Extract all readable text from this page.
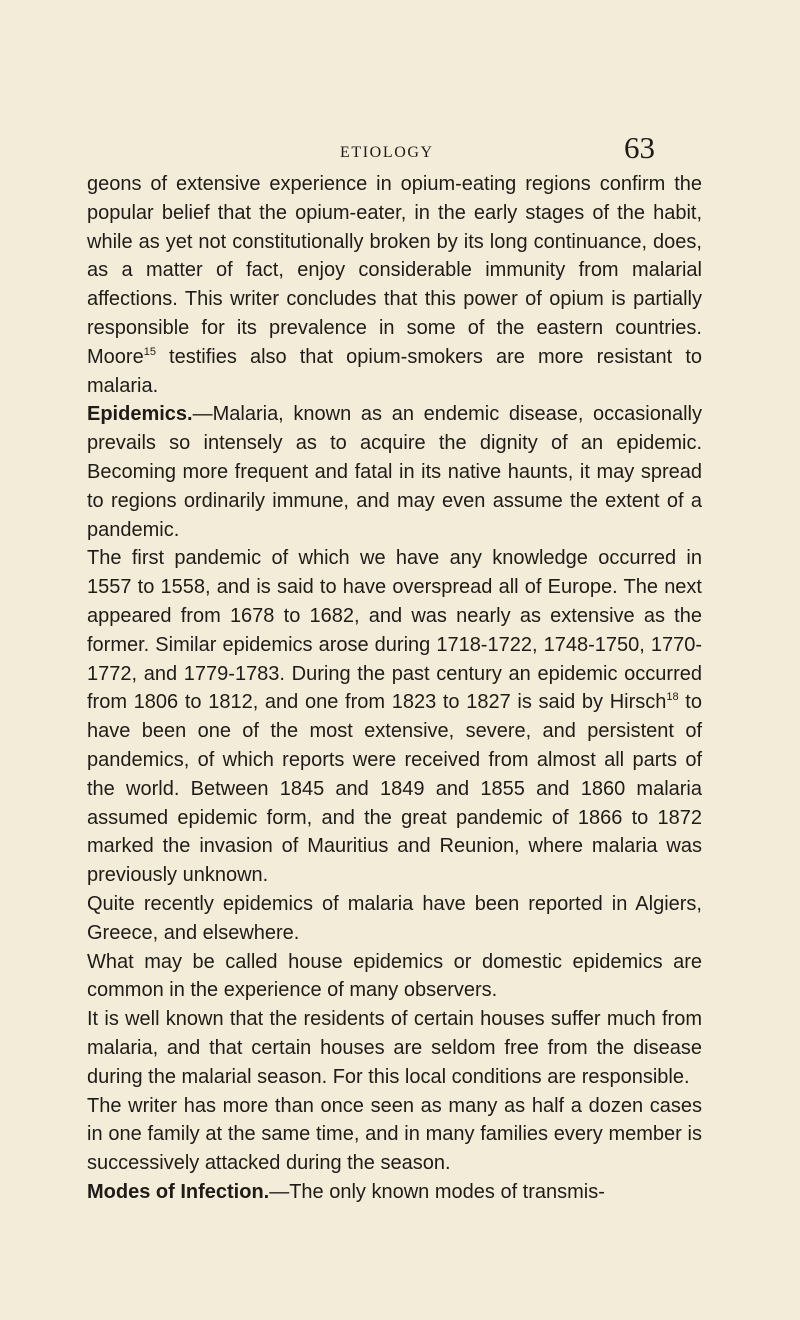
ETIOLOGY	63

geons of extensive experience in opium-eating regions confirm the popular belief that the opium-eater, in the early stages of the habit, while as yet not constitutionally broken by its long continuance, does, as a matter of fact, enjoy considerable immunity from malarial affections. This writer concludes that this power of opium is partially responsible for its prevalence in some of the eastern countries. Moore$^{15}$ testifies also that opium-smokers are more resistant to malaria.

Epidemics.—Malaria, known as an endemic disease, occasionally prevails so intensely as to acquire the dignity of an epidemic. Becoming more frequent and fatal in its native haunts, it may spread to regions ordinarily immune, and may even assume the extent of a pandemic.

The first pandemic of which we have any knowledge occurred in 1557 to 1558, and is said to have overspread all of Europe. The next appeared from 1678 to 1682, and was nearly as extensive as the former. Similar epidemics arose during 1718-1722, 1748-1750, 1770-1772, and 1779-1783. During the past century an epidemic occurred from 1806 to 1812, and one from 1823 to 1827 is said by Hirsch$^{18}$ to have been one of the most extensive, severe, and persistent of pandemics, of which reports were received from almost all parts of the world. Between 1845 and 1849 and 1855 and 1860 malaria assumed epidemic form, and the great pandemic of 1866 to 1872 marked the invasion of Mauritius and Reunion, where malaria was previously unknown.

Quite recently epidemics of malaria have been reported in Algiers, Greece, and elsewhere.

What may be called house epidemics or domestic epidemics are common in the experience of many observers.

It is well known that the residents of certain houses suffer much from malaria, and that certain houses are seldom free from the disease during the malarial season. For this local conditions are responsible.

The writer has more than once seen as many as half a dozen cases in one family at the same time, and in many families every member is successively attacked during the season.

Modes of Infection.—The only known modes of transmis-
